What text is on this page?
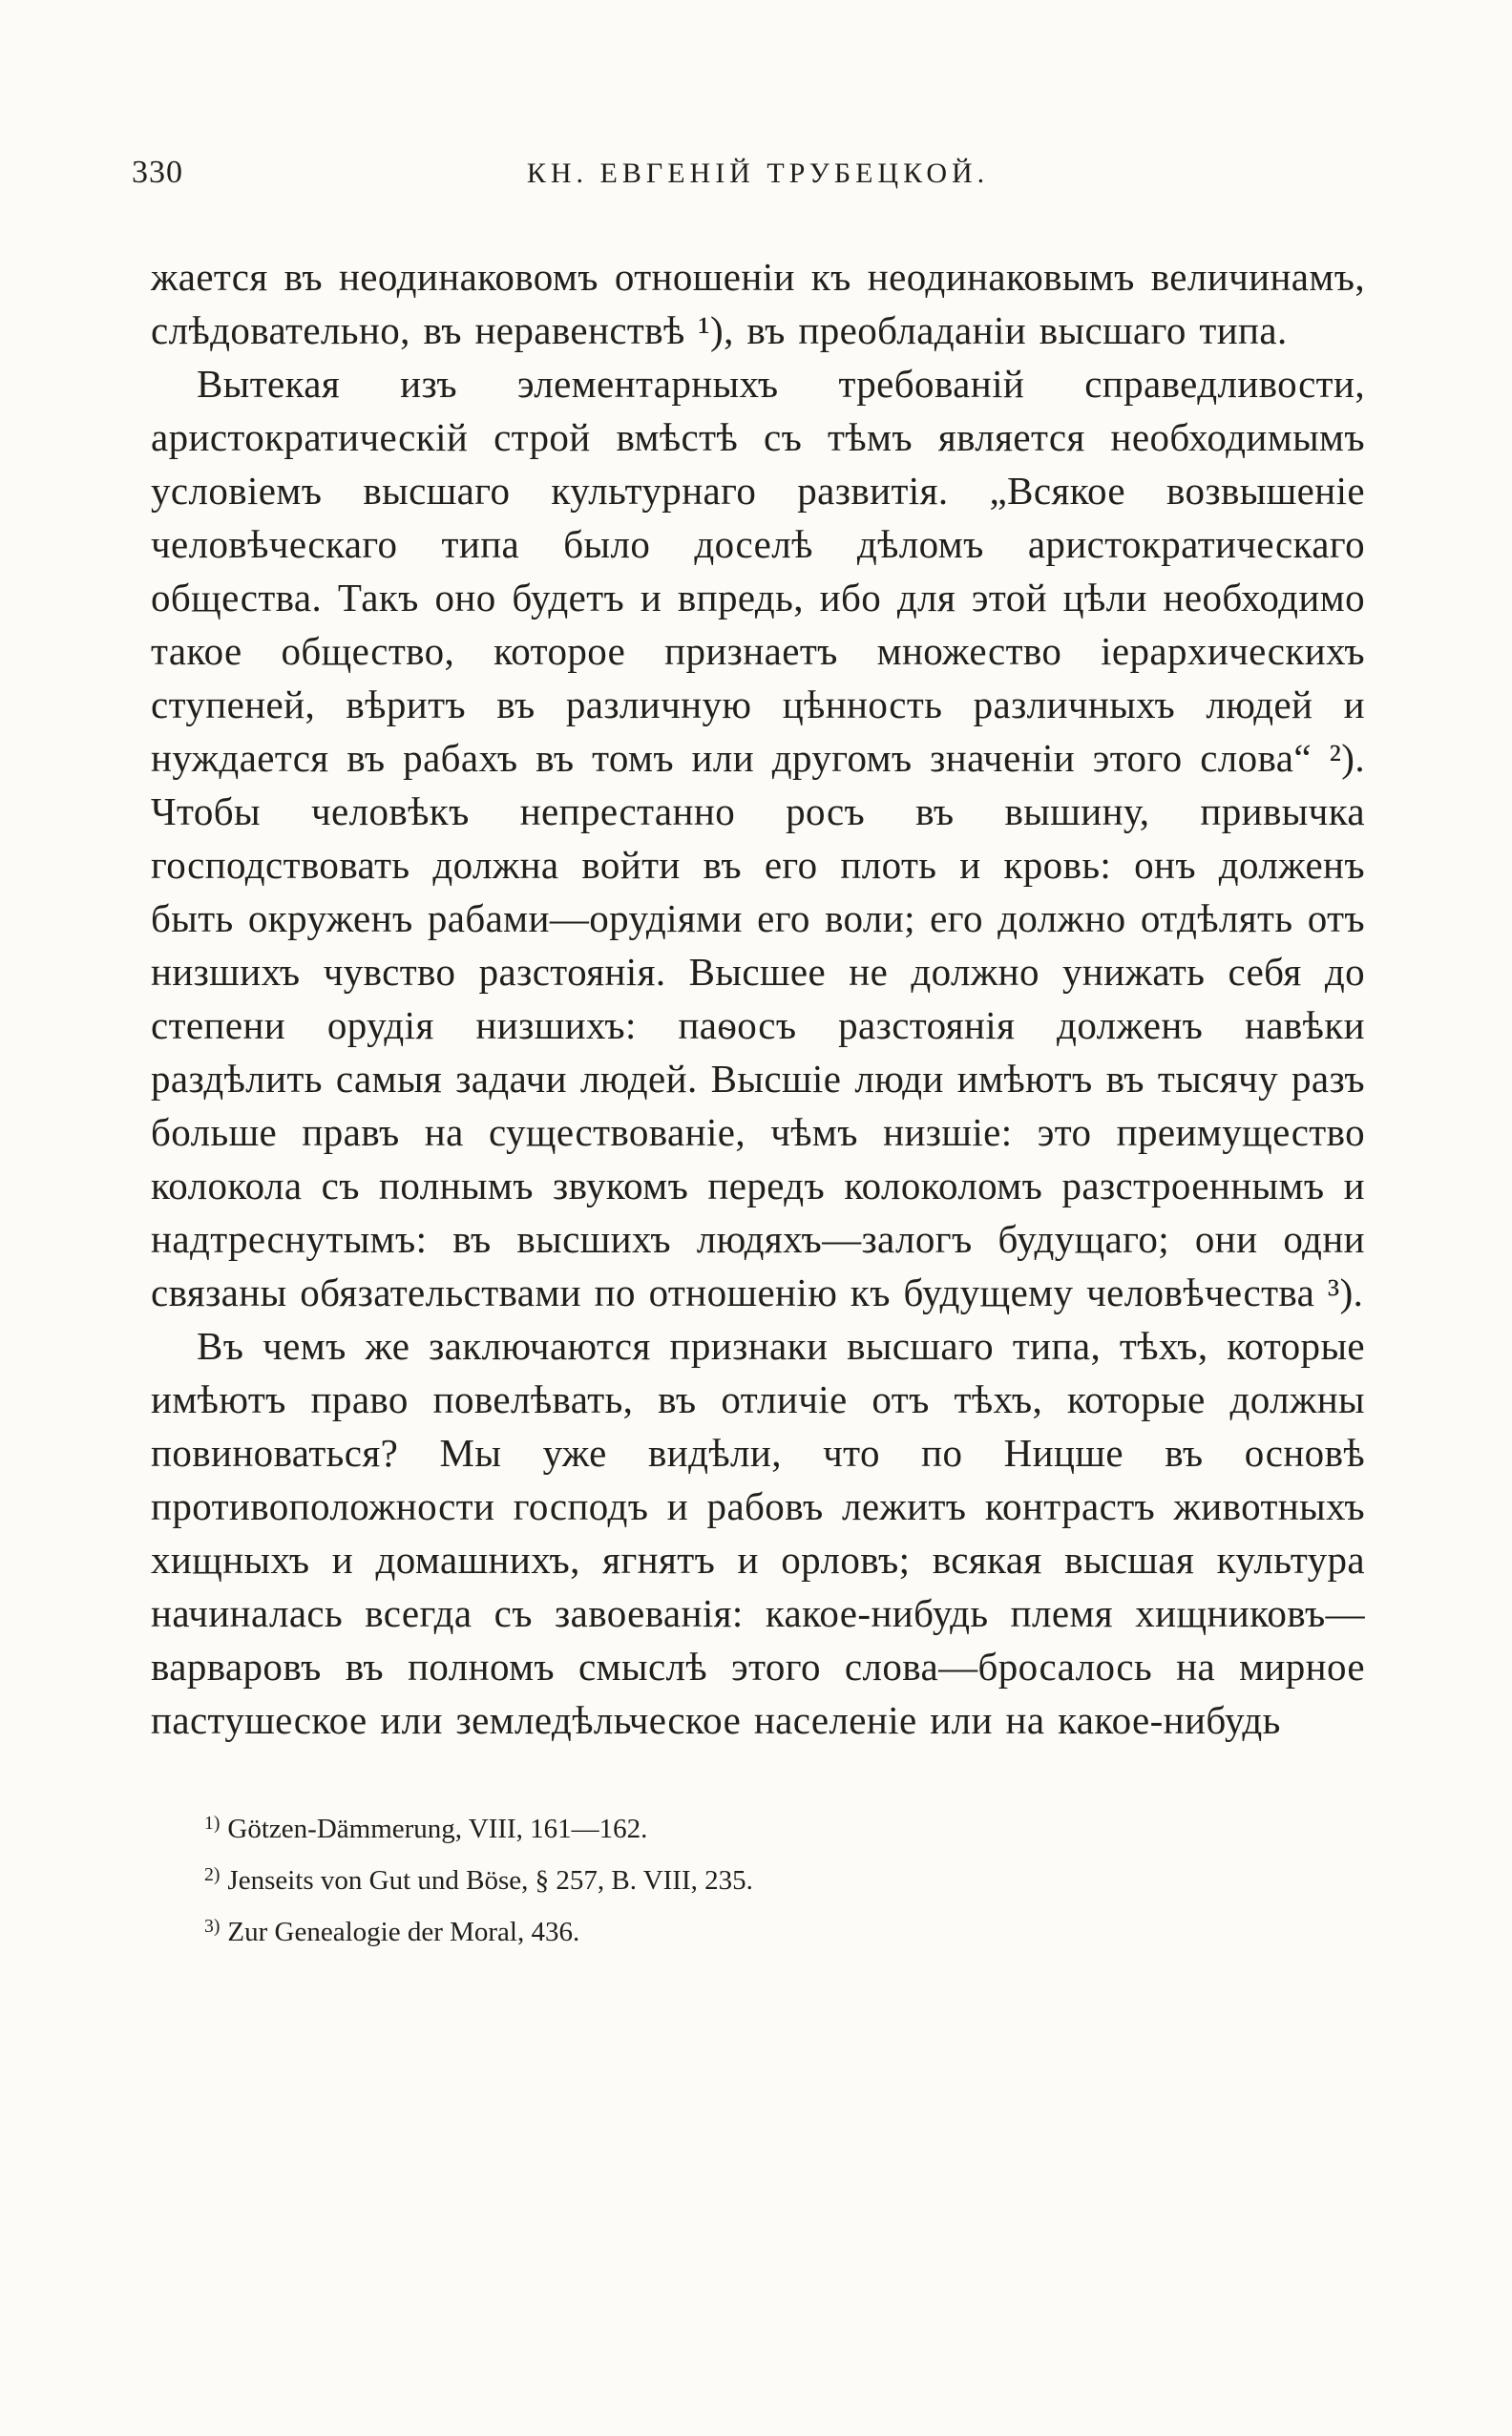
330	КН. ЕВГЕНІЙ ТРУБЕЦКОЙ.

жается въ неодинаковомъ отношеніи къ неодинаковымъ величинамъ, слѣдовательно, въ неравенствѣ ¹), въ преобладаніи высшаго типа.

Вытекая изъ элементарныхъ требованій справедливости, аристократическій строй вмѣстѣ съ тѣмъ является необходимымъ условіемъ высшаго культурнаго развитія. „Всякое возвышеніе человѣческаго типа было доселѣ дѣломъ аристократическаго общества. Такъ оно будетъ и впредь, ибо для этой цѣли необходимо такое общество, которое признаетъ множество іерархическихъ ступеней, вѣритъ въ различную цѣнность различныхъ людей и нуждается въ рабахъ въ томъ или другомъ значеніи этого слова“ ²). Чтобы человѣкъ непрестанно росъ въ вышину, привычка господствовать должна войти въ его плоть и кровь: онъ долженъ быть окруженъ рабами—орудіями его воли; его должно отдѣлять отъ низшихъ чувство разстоянія. Высшее не должно унижать себя до степени орудія низшихъ: паѳосъ разстоянія долженъ навѣки раздѣлить самыя задачи людей. Высшіе люди имѣютъ въ тысячу разъ больше правъ на существованіе, чѣмъ низшіе: это преимущество колокола съ полнымъ звукомъ передъ колоколомъ разстроеннымъ и надтреснутымъ: въ высшихъ людяхъ—залогъ будущаго; они одни связаны обязательствами по отношенію къ будущему человѣчества ³).

Въ чемъ же заключаются признаки высшаго типа, тѣхъ, которые имѣютъ право повелѣвать, въ отличіе отъ тѣхъ, которые должны повиноваться? Мы уже видѣли, что по Ницше въ основѣ противоположности господъ и рабовъ лежитъ контрастъ животныхъ хищныхъ и домашнихъ, ягнятъ и орловъ; всякая высшая культура начиналась всегда съ завоеванія: какое-нибудь племя хищниковъ—варваровъ въ полномъ смыслѣ этого слова—бросалось на мирное пастушеское или земледѣльческое населеніе или на какое-нибудь

1) Götzen-Dämmerung, VIII, 161—162.
2) Jenseits von Gut und Böse, § 257, B. VIII, 235.
3) Zur Genealogie der Moral, 436.
